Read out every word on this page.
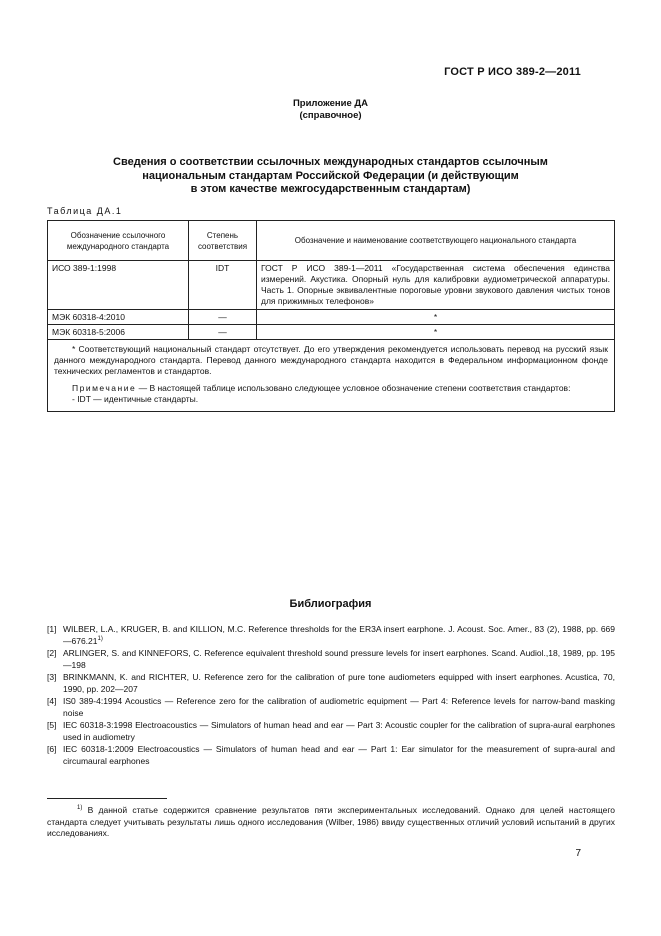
ГОСТ Р ИСО 389-2—2011
Приложение ДА
(справочное)
Сведения о соответствии ссылочных международных стандартов ссылочным
национальным стандартам Российской Федерации (и действующим
в этом качестве межгосударственным стандартам)
Таблица ДА.1
Обозначение ссылочного международного стандарта	Степень соответствия	Обозначение и наименование соответствующего национального стандарта
ИСО 389-1:1998	IDT	ГОСТ Р ИСО 389-1—2011 «Государственная система обеспечения единства измерений. Акустика. Опорный нуль для калибровки аудиометрической аппаратуры. Часть 1. Опорные эквивалентные пороговые уровни звукового давления чистых тонов для прижимных телефонов»
МЭК 60318-4:2010	—	*
МЭК 60318-5:2006	—	*

* Соответствующий национальный стандарт отсутствует. До его утверждения рекомендуется использовать перевод на русский язык данного международного стандарта. Перевод данного международного стандарта находится в Федеральном информационном фонде технических регламентов и стандартов.

Примечание — В настоящей таблице использовано следующее условное обозначение степени соответствия стандартов:

- IDT — идентичные стандарты.		

Библиография
[1] WILBER, L.A., KRUGER, B. and KILLION, M.C. Reference thresholds for the ER3A insert earphone. J. Acoust. Soc. Amer., 83 (2), 1988, pp. 669—676.21$^{1)}$
[2] ARLINGER, S. and KINNEFORS, C. Reference equivalent threshold sound pressure levels for insert earphones. Scand. Audiol.,18, 1989, pp. 195—198
[3] BRINKMANN, K. and RICHTER, U. Reference zero for the calibration of pure tone audiometers equipped with insert earphones. Acustica, 70, 1990, pp. 202—207
[4] IS0 389-4:1994 Acoustics — Reference zero for the calibration of audiometric equipment — Part 4: Reference levels for narrow-band masking noise
[5] IEC 60318-3:1998 Electroacoustics — Simulators of human head and ear — Part 3: Acoustic coupler for the calibration of supra-aural earphones used in audiometry
[6] IEC 60318-1:2009 Electroacoustics — Simulators of human head and ear — Part 1: Ear simulator for the measurement of supra-aural and circumaural earphones
$^{1)}$ В данной статье содержится сравнение результатов пяти экспериментальных исследований. Однако для целей настоящего стандарта следует учитывать результаты лишь одного исследования (Wilber, 1986) ввиду существенных отличий условий испытаний в других исследованиях.
7
